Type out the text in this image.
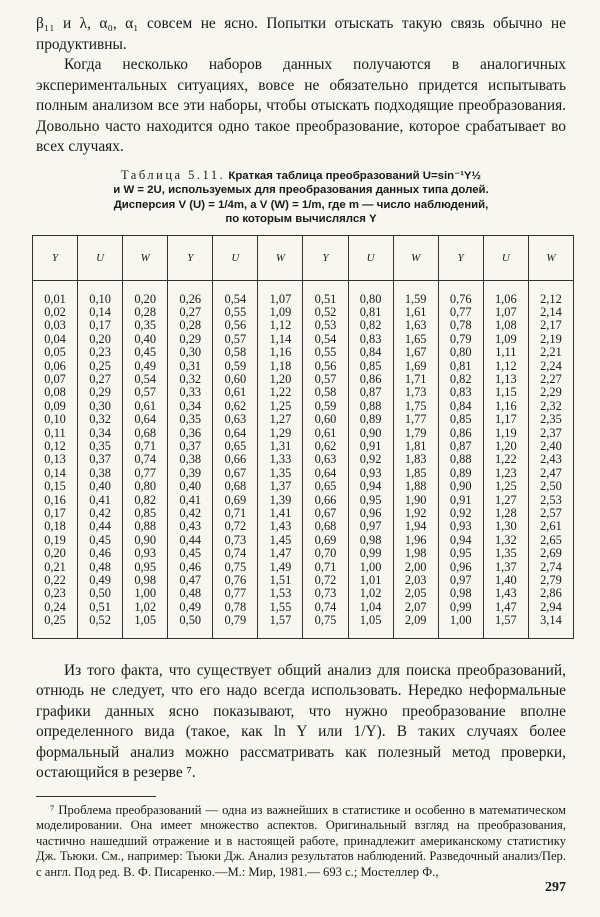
β₁₁ и λ, α₀, α₁ совсем не ясно. Попытки отыскать такую связь обычно не продуктивны.

Когда несколько наборов данных получаются в аналогичных экспериментальных ситуациях, вовсе не обязательно придется испытывать полным анализом все эти наборы, чтобы отыскать подходящие преобразования. Довольно часто находится одно такое преобразование, которое срабатывает во всех случаях.

Таблица 5.11. Краткая таблица преобразований U=sin⁻¹Y½
и W = 2U, используемых для преобразования данных типа долей.
Дисперсия V (U) = 1/4m, а V (W) = 1/m, где m — число наблюдений,
по которым вычислялся Y
Y	U	W	Y	U	W	Y	U	W	Y	U	W

0,01	0,10	0,20	0,26	0,54	1,07	0,51	0,80	1,59	0,76	1,06	2,12
0,02	0,14	0,28	0,27	0,55	1,09	0,52	0,81	1,61	0,77	1,07	2,14
0,03	0,17	0,35	0,28	0,56	1,12	0,53	0,82	1,63	0,78	1,08	2,17
0,04	0,20	0,40	0,29	0,57	1,14	0,54	0,83	1,65	0,79	1,09	2,19
0,05	0,23	0,45	0,30	0,58	1,16	0,55	0,84	1,67	0,80	1,11	2,21
0,06	0,25	0,49	0,31	0,59	1,18	0,56	0,85	1,69	0,81	1,12	2,24
0,07	0,27	0,54	0,32	0,60	1,20	0,57	0,86	1,71	0,82	1,13	2,27
0,08	0,29	0,57	0,33	0,61	1,22	0,58	0,87	1,73	0,83	1,15	2,29
0,09	0,30	0,61	0,34	0,62	1,25	0,59	0,88	1,75	0,84	1,16	2,32
0,10	0,32	0,64	0,35	0,63	1,27	0,60	0,89	1,77	0,85	1,17	2,35
0,11	0,34	0,68	0,36	0,64	1,29	0,61	0,90	1,79	0,86	1,19	2,37
0,12	0,35	0,71	0,37	0,65	1,31	0,62	0,91	1,81	0,87	1,20	2,40
0,13	0,37	0,74	0,38	0,66	1,33	0,63	0,92	1,83	0,88	1,22	2,43
0,14	0,38	0,77	0,39	0,67	1,35	0,64	0,93	1,85	0,89	1,23	2,47
0,15	0,40	0,80	0,40	0,68	1,37	0,65	0,94	1,88	0,90	1,25	2,50
0,16	0,41	0,82	0,41	0,69	1,39	0,66	0,95	1,90	0,91	1,27	2,53
0,17	0,42	0,85	0,42	0,71	1,41	0,67	0,96	1,92	0,92	1,28	2,57
0,18	0,44	0,88	0,43	0,72	1,43	0,68	0,97	1,94	0,93	1,30	2,61
0,19	0,45	0,90	0,44	0,73	1,45	0,69	0,98	1,96	0,94	1,32	2,65
0,20	0,46	0,93	0,45	0,74	1,47	0,70	0,99	1,98	0,95	1,35	2,69
0,21	0,48	0,95	0,46	0,75	1,49	0,71	1,00	2,00	0,96	1,37	2,74
0,22	0,49	0,98	0,47	0,76	1,51	0,72	1,01	2,03	0,97	1,40	2,79
0,23	0,50	1,00	0,48	0,77	1,53	0,73	1,02	2,05	0,98	1,43	2,86
0,24	0,51	1,02	0,49	0,78	1,55	0,74	1,04	2,07	0,99	1,47	2,94
0,25	0,52	1,05	0,50	0,79	1,57	0,75	1,05	2,09	1,00	1,57	3,14

Из того факта, что существует общий анализ для поиска преобразований, отнюдь не следует, что его надо всегда использовать. Нередко неформальные графики данных ясно показывают, что нужно преобразование вполне определенного вида (такое, как ln Y или 1/Y). В таких случаях более формальный анализ можно рассматривать как полезный метод проверки, остающийся в резерве ⁷.

⁷ Проблема преобразований — одна из важнейших в статистике и особенно в математическом моделировании. Она имеет множество аспектов. Оригинальный взгляд на преобразования, частично нашедший отражение и в настоящей работе, принадлежит американскому статистику Дж. Тьюки. См., например: Тьюки Дж. Анализ результатов наблюдений. Разведочный анализ/Пер. с англ. Под ред. В. Ф. Писаренко.—М.: Мир, 1981.— 693 с.; Мостеллер Ф.,

297
